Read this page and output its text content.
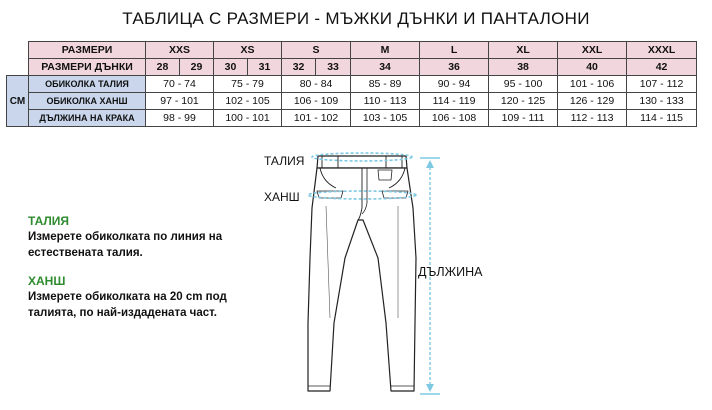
ТАБЛИЦА С РАЗМЕРИ - МЪЖКИ ДЪНКИ И ПАНТАЛОНИ
	РАЗМЕРИ	XXS		XS		S		M	L	XL	XXL	XXXL
	РАЗМЕРИ ДЪНКИ	28	29	30	31	32	33	34	36	38	40	42
СМ	ОБИКОЛКА ТАЛИЯ	70 - 74		75 - 79		80 - 84		85 - 89	90 - 94	95 - 100	101 - 106	107 - 112
	ОБИКОЛКА ХАНШ	97 - 101		102 - 105		106 - 109		110 - 113	114 - 119	120 - 125	126 - 129	130 - 133
	ДЪЛЖИНА НА КРАКА	98 - 99		100 - 101		101 - 102		103 - 105	106 - 108	109 - 111	112 - 113	114 - 115
ТАЛИЯ
ХАНШ
ДЪЛЖИНА
ТАЛИЯ
Измерете обиколката по линия на естествената талия.
ХАНШ
Измерете обиколката на 20 cm под талията, по най-издадената част.
